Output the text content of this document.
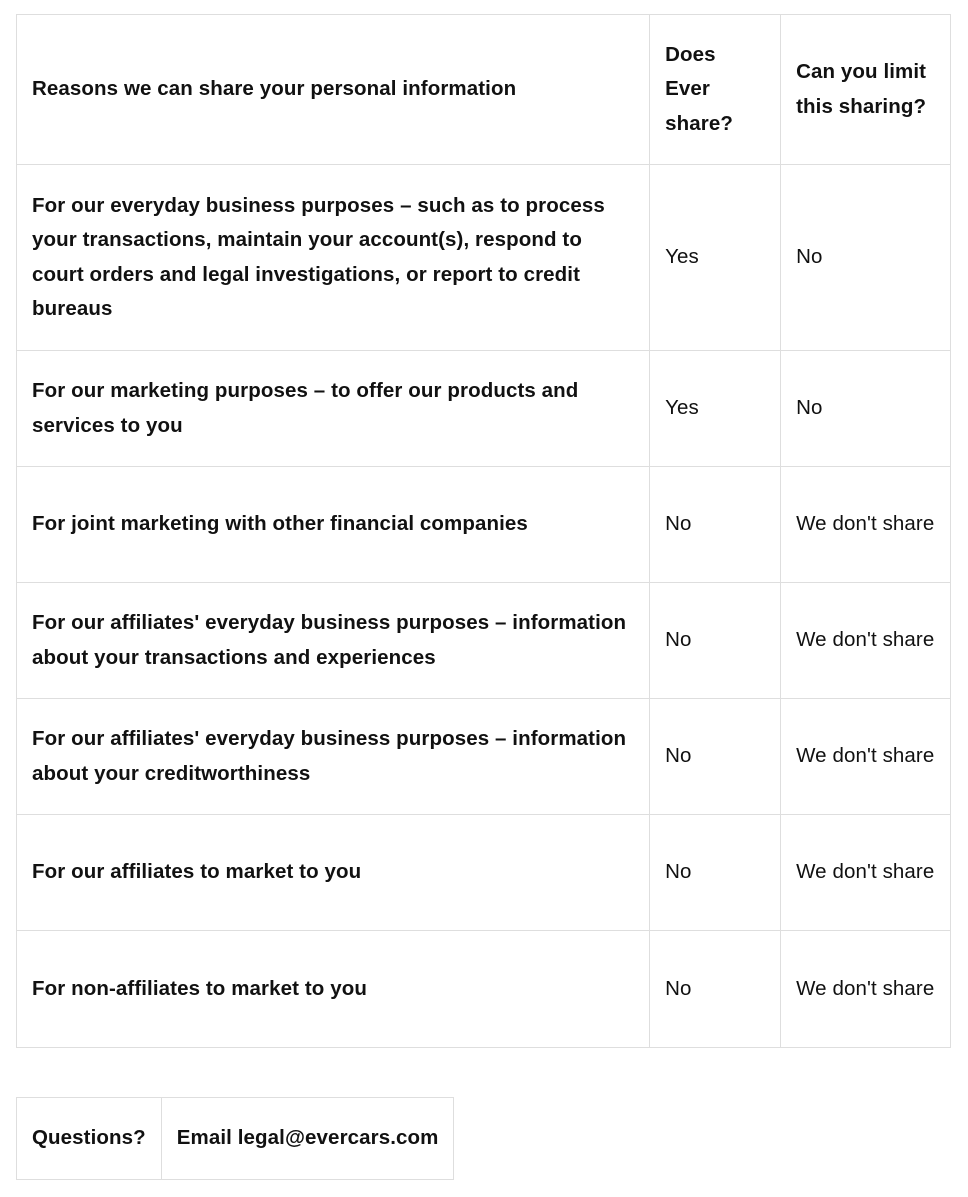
Reasons we can share your personal information	Does Ever share?	Can you limit this sharing?
For our everyday business purposes – such as to process your transactions, maintain your account(s), respond to court orders and legal investigations, or report to credit bureaus	Yes	No
For our marketing purposes – to offer our products and services to you	Yes	No
For joint marketing with other financial companies	No	We don't share
For our affiliates' everyday business purposes – information about your transactions and experiences	No	We don't share
For our affiliates' everyday business purposes – information about your creditworthiness	No	We don't share
For our affiliates to market to you	No	We don't share
For non-affiliates to market to you	No	We don't share
Questions?	Email legal@evercars.com
